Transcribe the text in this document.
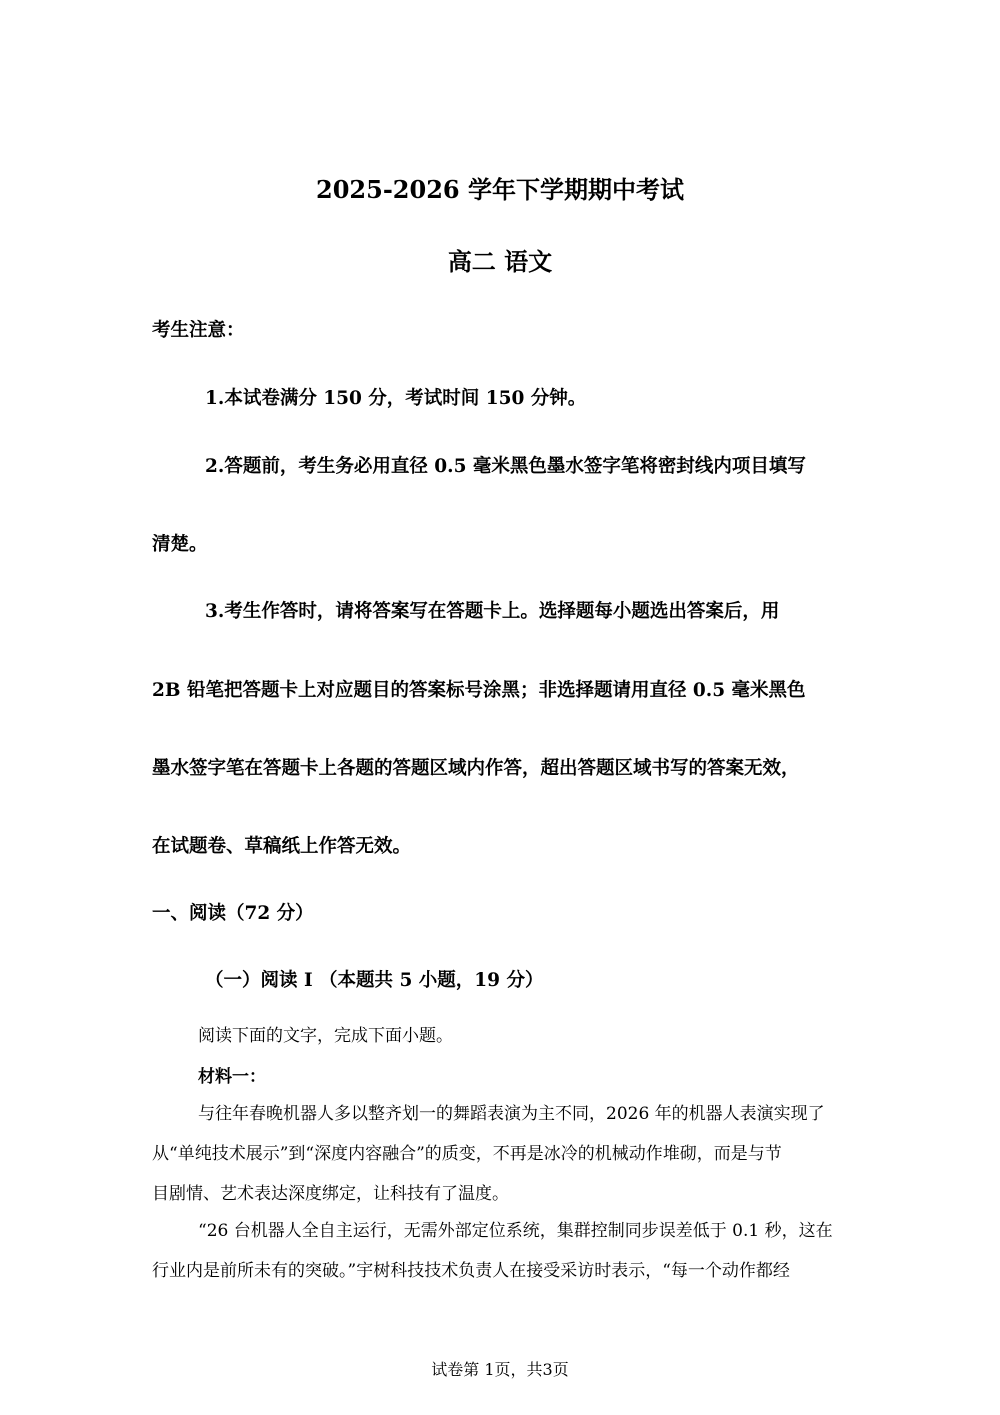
2025-2026 学年下学期期中考试
高二 语文
考生注意：
1.本试卷满分 150 分，考试时间 150 分钟。
2.答题前，考生务必用直径 0.5 毫米黑色墨水签字笔将密封线内项目填写
清楚。
3.考生作答时，请将答案写在答题卡上。选择题每小题选出答案后，用
2B 铅笔把答题卡上对应题目的答案标号涂黑；非选择题请用直径 0.5 毫米黑色
墨水签字笔在答题卡上各题的答题区域内作答，超出答题区域书写的答案无效，
在试题卷、草稿纸上作答无效。
一、阅读（72 分）
（一）阅读 I （本题共 5 小题，19 分）
阅读下面的文字，完成下面小题。
材料一：
与往年春晚机器人多以整齐划一的舞蹈表演为主不同，2026 年的机器人表演实现了
从“单纯技术展示”到“深度内容融合”的质变，不再是冰冷的机械动作堆砌，而是与节
目剧情、艺术表达深度绑定，让科技有了温度。
“26 台机器人全自主运行，无需外部定位系统，集群控制同步误差低于 0.1 秒，这在
行业内是前所未有的突破。”宇树科技技术负责人在接受采访时表示，“每一个动作都经
试卷第 1页，共3页
